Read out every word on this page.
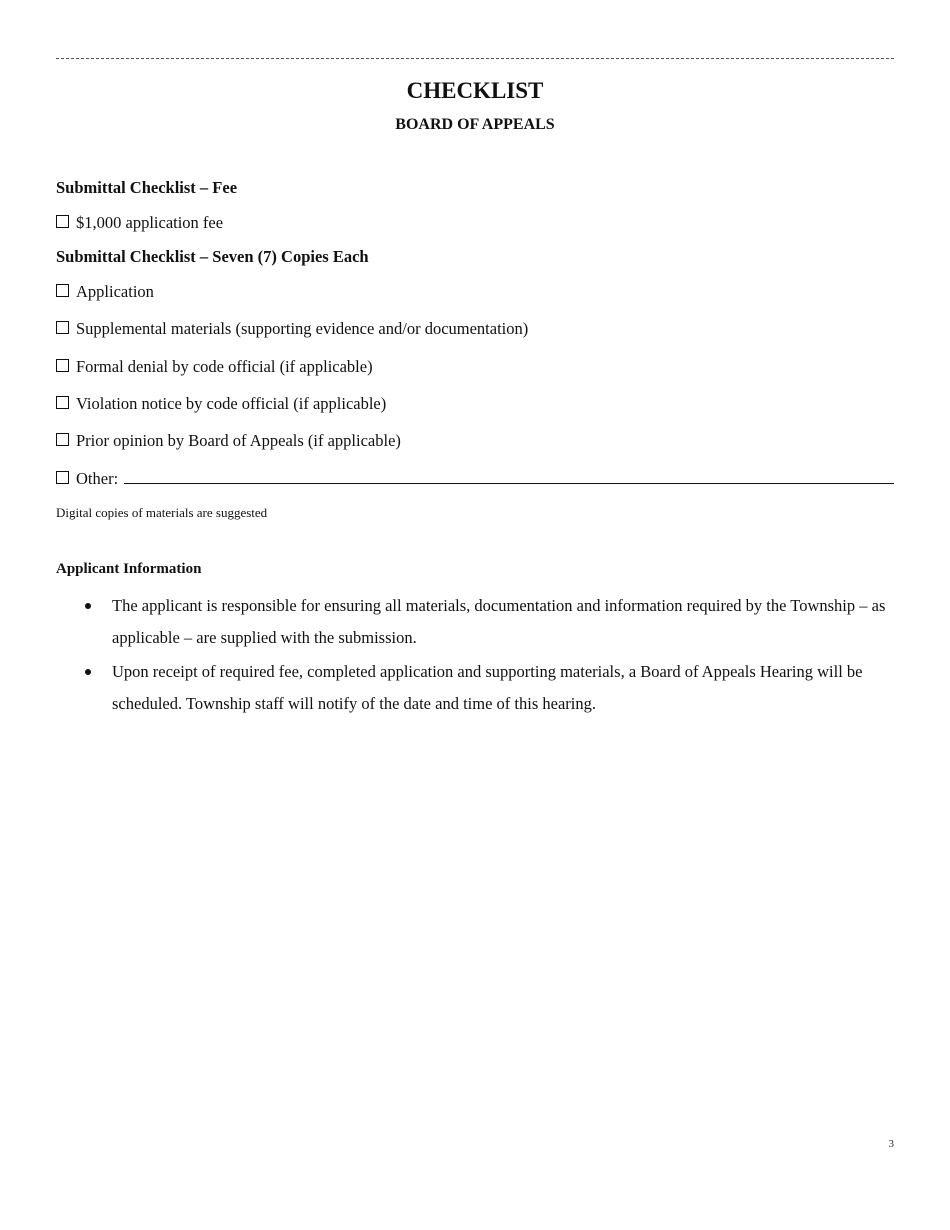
CHECKLIST
BOARD OF APPEALS
Submittal Checklist – Fee
$1,000 application fee
Submittal Checklist – Seven (7) Copies Each
Application
Supplemental materials (supporting evidence and/or documentation)
Formal denial by code official (if applicable)
Violation notice by code official (if applicable)
Prior opinion by Board of Appeals (if applicable)
Other:
Digital copies of materials are suggested
Applicant Information
The applicant is responsible for ensuring all materials, documentation and information required by the Township – as applicable – are supplied with the submission.
Upon receipt of required fee, completed application and supporting materials, a Board of Appeals Hearing will be scheduled. Township staff will notify of the date and time of this hearing.
3
